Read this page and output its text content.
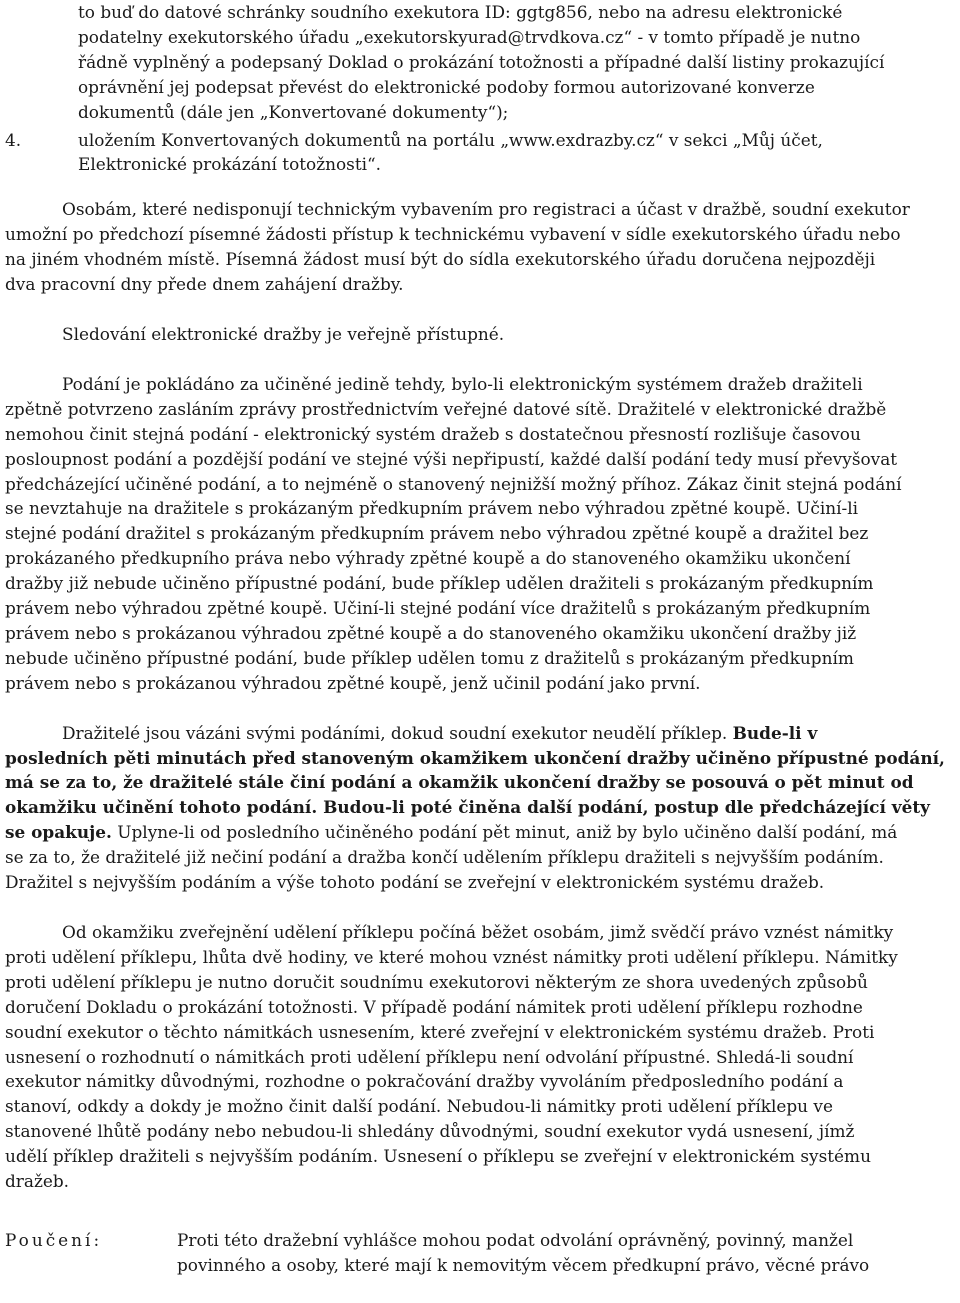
to buď do datové schránky soudního exekutora ID: ggtg856, nebo na adresu elektronické
podatelny exekutorského úřadu „exekutorskyurad@trvdkova.cz“ - v tomto případě je nutno
řádně vyplněný a podepsaný Doklad o prokázání totožnosti a případné další listiny prokazující
oprávnění jej podepsat převést do elektronické podoby formou autorizované konverze
dokumentů (dále jen „Konvertované dokumenty“);

4.	uložením Konvertovaných dokumentů na portálu „www.exdrazby.cz“ v sekci „Můj účet,
Elektronické prokázání totožnosti“.

Osobám, které nedisponují technickým vybavením pro registraci a účast v dražbě, soudní exekutor
umožní po předchozí písemné žádosti přístup k technickému vybavení v sídle exekutorského úřadu nebo
na jiném vhodném místě. Písemná žádost musí být do sídla exekutorského úřadu doručena nejpozději
dva pracovní dny přede dnem zahájení dražby.

Sledování elektronické dražby je veřejně přístupné.

Podání je pokládáno za učiněné jedině tehdy, bylo-li elektronickým systémem dražeb dražiteli
zpětně potvrzeno zasláním zprávy prostřednictvím veřejné datové sítě. Dražitelé v elektronické dražbě
nemohou činit stejná podání - elektronický systém dražeb s dostatečnou přesností rozlišuje časovou
posloupnost podání a pozdější podání ve stejné výši nepřipustí, každé další podání tedy musí převyšovat
předcházející učiněné podání, a to nejméně o stanovený nejnižší možný příhoz. Zákaz činit stejná podání
se nevztahuje na dražitele s prokázaným předkupním právem nebo výhradou zpětné koupě. Učiní-li
stejné podání dražitel s prokázaným předkupním právem nebo výhradou zpětné koupě a dražitel bez
prokázaného předkupního práva nebo výhrady zpětné koupě a do stanoveného okamžiku ukončení
dražby již nebude učiněno přípustné podání, bude příklep udělen dražiteli s prokázaným předkupním
právem nebo výhradou zpětné koupě. Učiní-li stejné podání více dražitelů s prokázaným předkupním
právem nebo s prokázanou výhradou zpětné koupě a do stanoveného okamžiku ukončení dražby již
nebude učiněno přípustné podání, bude příklep udělen tomu z dražitelů s prokázaným předkupním
právem nebo s prokázanou výhradou zpětné koupě, jenž učinil podání jako první.

Dražitelé jsou vázáni svými podáními, dokud soudní exekutor neudělí příklep. Bude-li v
posledních pěti minutách před stanoveným okamžikem ukončení dražby učiněno přípustné podání,
má se za to, že dražitelé stále činí podání a okamžik ukončení dražby se posouvá o pět minut od
okamžiku učinění tohoto podání. Budou-li poté činěna další podání, postup dle předcházející věty
se opakuje. Uplyne-li od posledního učiněného podání pět minut, aniž by bylo učiněno další podání, má
se za to, že dražitelé již nečiní podání a dražba končí udělením příklepu dražiteli s nejvyšším podáním.
Dražitel s nejvyšším podáním a výše tohoto podání se zveřejní v elektronickém systému dražeb.

Od okamžiku zveřejnění udělení příklepu počíná běžet osobám, jimž svědčí právo vznést námitky
proti udělení příklepu, lhůta dvě hodiny, ve které mohou vznést námitky proti udělení příklepu. Námitky
proti udělení příklepu je nutno doručit soudnímu exekutorovi některým ze shora uvedených způsobů
doručení Dokladu o prokázání totožnosti. V případě podání námitek proti udělení příklepu rozhodne
soudní exekutor o těchto námitkách usnesením, které zveřejní v elektronickém systému dražeb. Proti
usnesení o rozhodnutí o námitkách proti udělení příklepu není odvolání přípustné. Shledá-li soudní
exekutor námitky důvodnými, rozhodne o pokračování dražby vyvoláním předposledního podání a
stanoví, odkdy a dokdy je možno činit další podání. Nebudou-li námitky proti udělení příklepu ve
stanovené lhůtě podány nebo nebudou-li shledány důvodnými, soudní exekutor vydá usnesení, jímž
udělí příklep dražiteli s nejvyšším podáním. Usnesení o příklepu se zveřejní v elektronickém systému
dražeb.

Poučení:	Proti této dražební vyhlášce mohou podat odvolání oprávněný, povinný, manžel
povinného a osoby, které mají k nemovitým věcem předkupní právo, věcné právo
